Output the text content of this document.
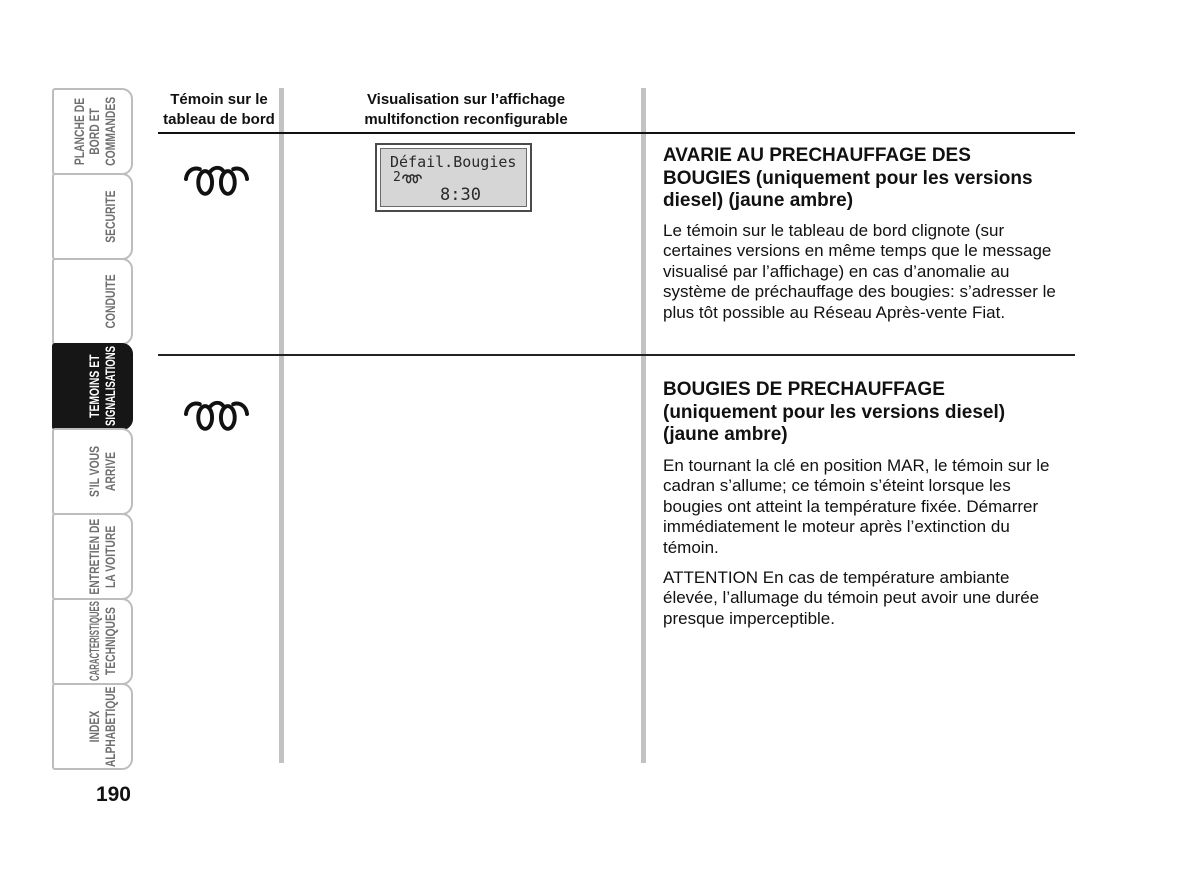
PLANCHE DE BORD ET COMMANDES
SECURITE
CONDUITE
TEMOINS ET SIGNALISATIONS
S’IL VOUS ARRIVE
ENTRETIEN DE LA VOITURE
CARACTERISTIQUES TECHNIQUES
INDEX ALPHABETIQUE
190
Témoin sur le
tableau de bord
Visualisation sur l’affichage
multifonction reconfigurable
Défail.Bougies
2
8:30
AVARIE AU PRECHAUFFAGE DES
BOUGIES (uniquement pour les versions
diesel) (jaune ambre)
Le témoin sur le tableau de bord clignote (sur
certaines versions en même temps que le message
visualisé par l’affichage) en cas d’anomalie au
système de préchauffage des bougies: s’adresser le
plus tôt possible au Réseau Après-vente Fiat.
BOUGIES DE PRECHAUFFAGE
(uniquement pour les versions diesel)
(jaune ambre)
En tournant la clé en position MAR, le témoin sur le
cadran s’allume; ce témoin s’éteint lorsque les
bougies ont atteint la température fixée. Démarrer
immédiatement le moteur après l’extinction du
témoin.
ATTENTION En cas de température ambiante
élevée, l’allumage du témoin peut avoir une durée
presque imperceptible.
